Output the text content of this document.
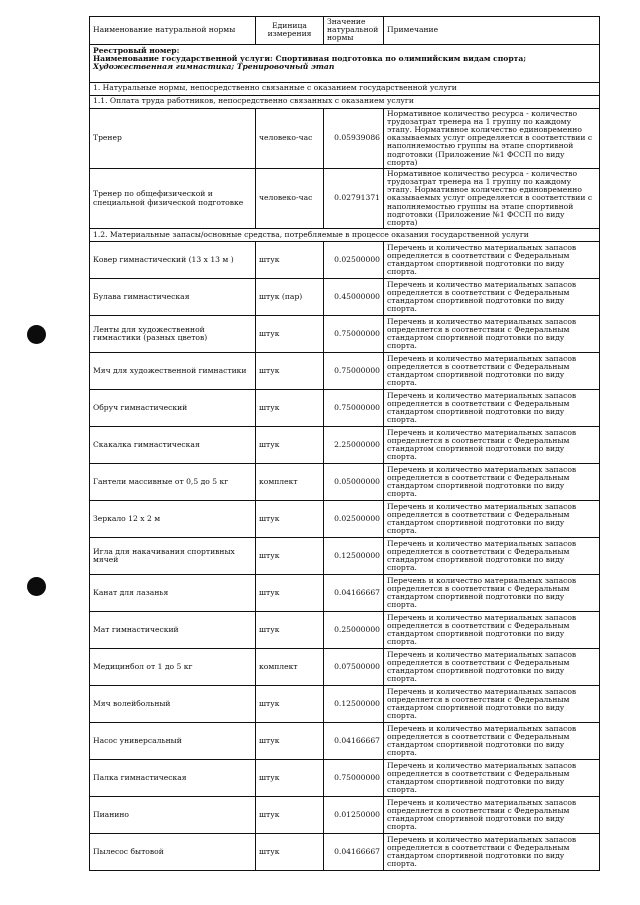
Наименование натуральной нормы	Единица измерения	Значение натуральной нормы	Примечание

Реестровый номер:
Наименование государственной услуги: Спортивная подготовка по олимпийским видам спорта;
Художественная гимнастика; Тренировочный этап			

1. Натуральные нормы, непосредственно связанные с оказанием государственной услуги			
1.1. Оплата труда работников, непосредственно связанных с оказанием услуги			
Тренер	человеко-час	0.05939086	Нормативное количество ресурса - количество трудозатрат тренера на 1 группу по каждому этапу. Нормативное количество единовременно оказываемых услуг определяется в соответствии с наполняемостью группы на этапе спортивной подготовки (Приложение №1 ФССП по виду спорта)
Тренер по общефизической и специальной физической подготовке	человеко-час	0.02791371	Нормативное количество ресурса - количество трудозатрат тренера на 1 группу по каждому этапу. Нормативное количество единовременно оказываемых услуг определяется в соответствии с наполняемостью группы на этапе спортивной подготовки (Приложение №1 ФССП по виду спорта)
1.2. Материальные запасы/основные средства, потребляемые в процессе оказания государственной услуги			
Ковер гимнастический (13 x 13 м )	штук	0.02500000	Перечень и количество материальных запасов определяется в соответствии с Федеральным стандартом спортивной подготовки по виду спорта.
Булава гимнастическая	штук (пар)	0.45000000	Перечень и количество материальных запасов определяется в соответствии с Федеральным стандартом спортивной подготовки по виду спорта.
Ленты для художественной гимнастики (разных цветов)	штук	0.75000000	Перечень и количество материальных запасов определяется в соответствии с Федеральным стандартом спортивной подготовки по виду спорта.
Мяч для художественной гимнастики	штук	0.75000000	Перечень и количество материальных запасов определяется в соответствии с Федеральным стандартом спортивной подготовки по виду спорта.
Обруч гимнастический	штук	0.75000000	Перечень и количество материальных запасов определяется в соответствии с Федеральным стандартом спортивной подготовки по виду спорта.
Скакалка гимнастическая	штук	2.25000000	Перечень и количество материальных запасов определяется в соответствии с Федеральным стандартом спортивной подготовки по виду спорта.
Гантели массивные от 0,5 до 5 кг	комплект	0.05000000	Перечень и количество материальных запасов определяется в соответствии с Федеральным стандартом спортивной подготовки по виду спорта.
Зеркало 12 х 2 м	штук	0.02500000	Перечень и количество материальных запасов определяется в соответствии с Федеральным стандартом спортивной подготовки по виду спорта.
Игла для накачивания спортивных мячей	штук	0.12500000	Перечень и количество материальных запасов определяется в соответствии с Федеральным стандартом спортивной подготовки по виду спорта.
Канат для лазанья	штук	0.04166667	Перечень и количество материальных запасов определяется в соответствии с Федеральным стандартом спортивной подготовки по виду спорта.
Мат гимнастический	штук	0.25000000	Перечень и количество материальных запасов определяется в соответствии с Федеральным стандартом спортивной подготовки по виду спорта.
Медицинбол от 1 до 5 кг	комплект	0.07500000	Перечень и количество материальных запасов определяется в соответствии с Федеральным стандартом спортивной подготовки по виду спорта.
Мяч волейбольный	штук	0.12500000	Перечень и количество материальных запасов определяется в соответствии с Федеральным стандартом спортивной подготовки по виду спорта.
Насос универсальный	штук	0.04166667	Перечень и количество материальных запасов определяется в соответствии с Федеральным стандартом спортивной подготовки по виду спорта.
Палка гимнастическая	штук	0.75000000	Перечень и количество материальных запасов определяется в соответствии с Федеральным стандартом спортивной подготовки по виду спорта.
Пианино	штук	0.01250000	Перечень и количество материальных запасов определяется в соответствии с Федеральным стандартом спортивной подготовки по виду спорта.
Пылесос бытовой	штук	0.04166667	Перечень и количество материальных запасов определяется в соответствии с Федеральным стандартом спортивной подготовки по виду спорта.
